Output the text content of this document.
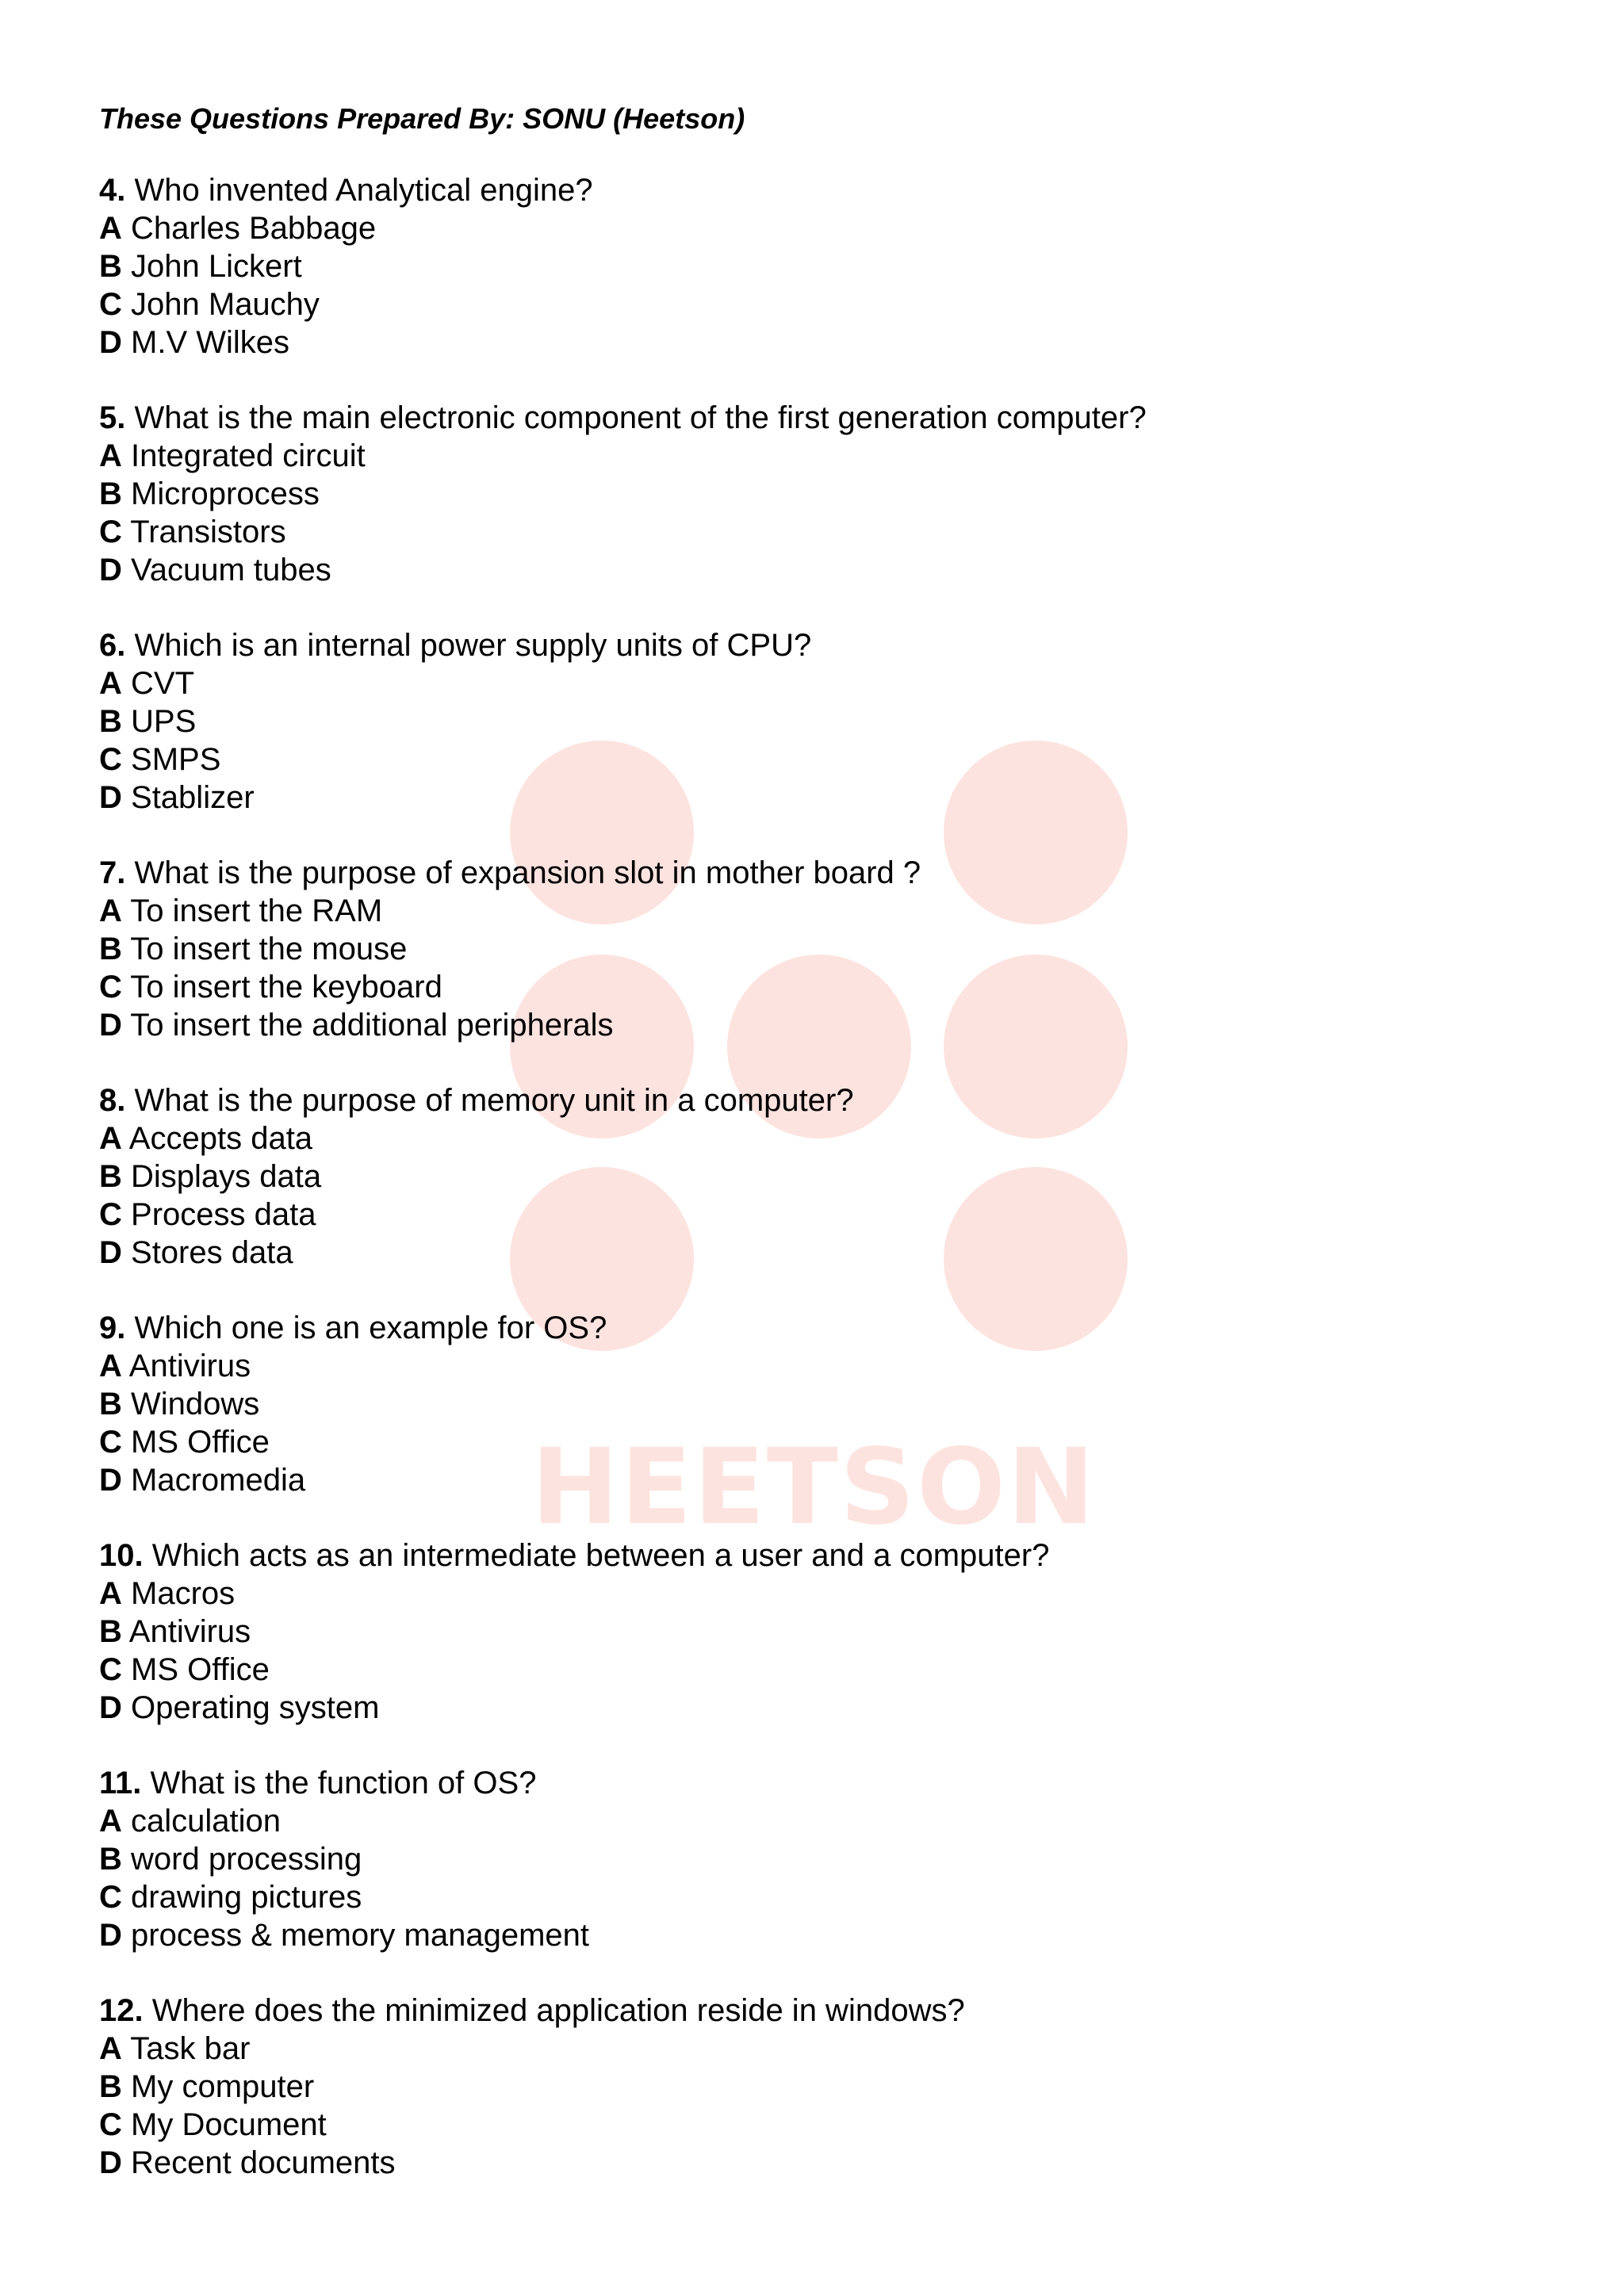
HEETSON
These Questions Prepared By: SONU (Heetson)
4. Who invented Analytical engine?
A Charles Babbage
B John Lickert
C John Mauchy
D M.V Wilkes
5. What is the main electronic component of the first generation computer?
A Integrated circuit
B Microprocess
C Transistors
D Vacuum tubes
6. Which is an internal power supply units of CPU?
A CVT
B UPS
C SMPS
D Stablizer
7. What is the purpose of expansion slot in mother board ?
A To insert the RAM
B To insert the mouse
C To insert the keyboard
D To insert the additional peripherals
8. What is the purpose of memory unit in a computer?
A Accepts data
B Displays data
C Process data
D Stores data
9. Which one is an example for OS?
A Antivirus
B Windows
C MS Office
D Macromedia
10. Which acts as an intermediate between a user and a computer?
A Macros
B Antivirus
C MS Office
D Operating system
11. What is the function of OS?
A calculation
B word processing
C drawing pictures
D process & memory management
12. Where does the minimized application reside in windows?
A Task bar
B My computer
C My Document
D Recent documents
